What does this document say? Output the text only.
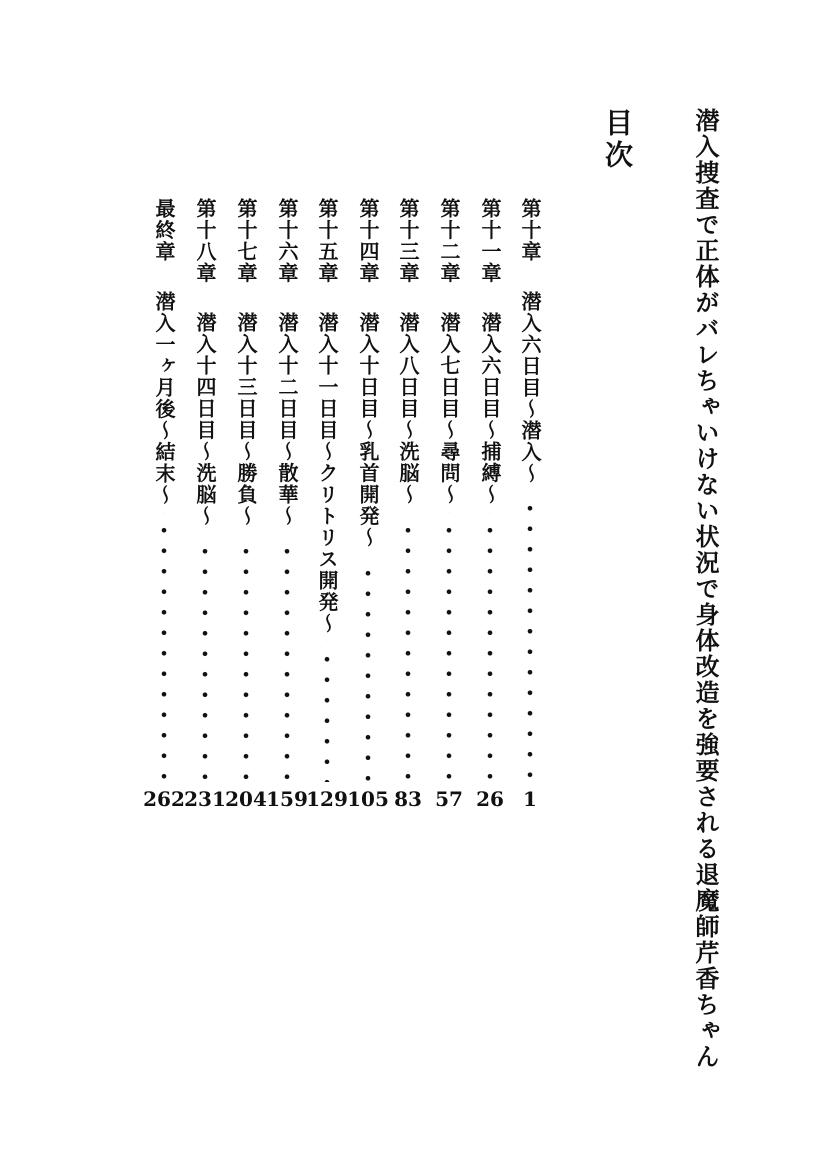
潜入捜査で正体がバレちゃいけない状況で身体改造を強要される退魔師芹香ちゃん
目次
第十章
潜入六日目〜潜入〜
1
第十一章
潜入六日目〜捕縛〜
26
第十二章
潜入七日目〜尋問〜
57
第十三章
潜入八日目〜洗脳〜
83
第十四章
潜入十日目〜乳首開発〜
105
第十五章
潜入十一日目〜クリトリス開発〜
129
第十六章
潜入十二日目〜散華〜
159
第十七章
潜入十三日目〜勝負〜
204
第十八章
潜入十四日目〜洗脳〜
231
最終章
潜入一ヶ月後〜結末〜
262
